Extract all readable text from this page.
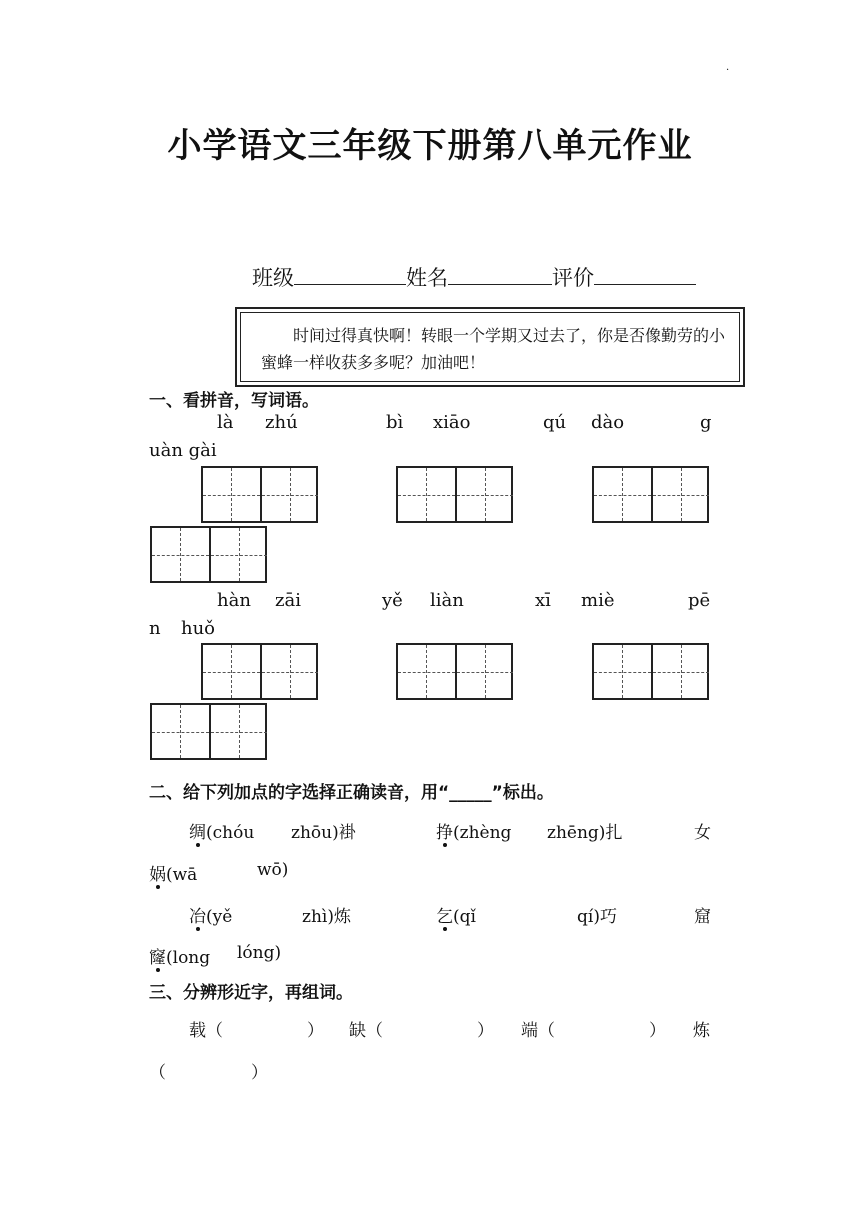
.
小学语文三年级下册第八单元作业
班级	姓名	评价
时间过得真快啊！转眼一个学期又过去了，你是否像勤劳的小蜜蜂一样收获多多呢？加油吧！
一、看拼音，写词语。
là zhú	bì xiāo	qú dào	g
uàn gài
hàn zāi	yě liàn	xī miè	pē
n huǒ
二、给下列加点的字选择正确读音，用“_____”标出。
绸(chóu zhōu)褂	挣(zhèng zhēng)扎	女
娲(wā	wō)
冶(yě	zhì)炼	乞(qǐ	qí)巧	窟
窿(long lóng)
三、分辨形近字，再组词。
载（	） 缺（	） 端（	） 炼
（	）
